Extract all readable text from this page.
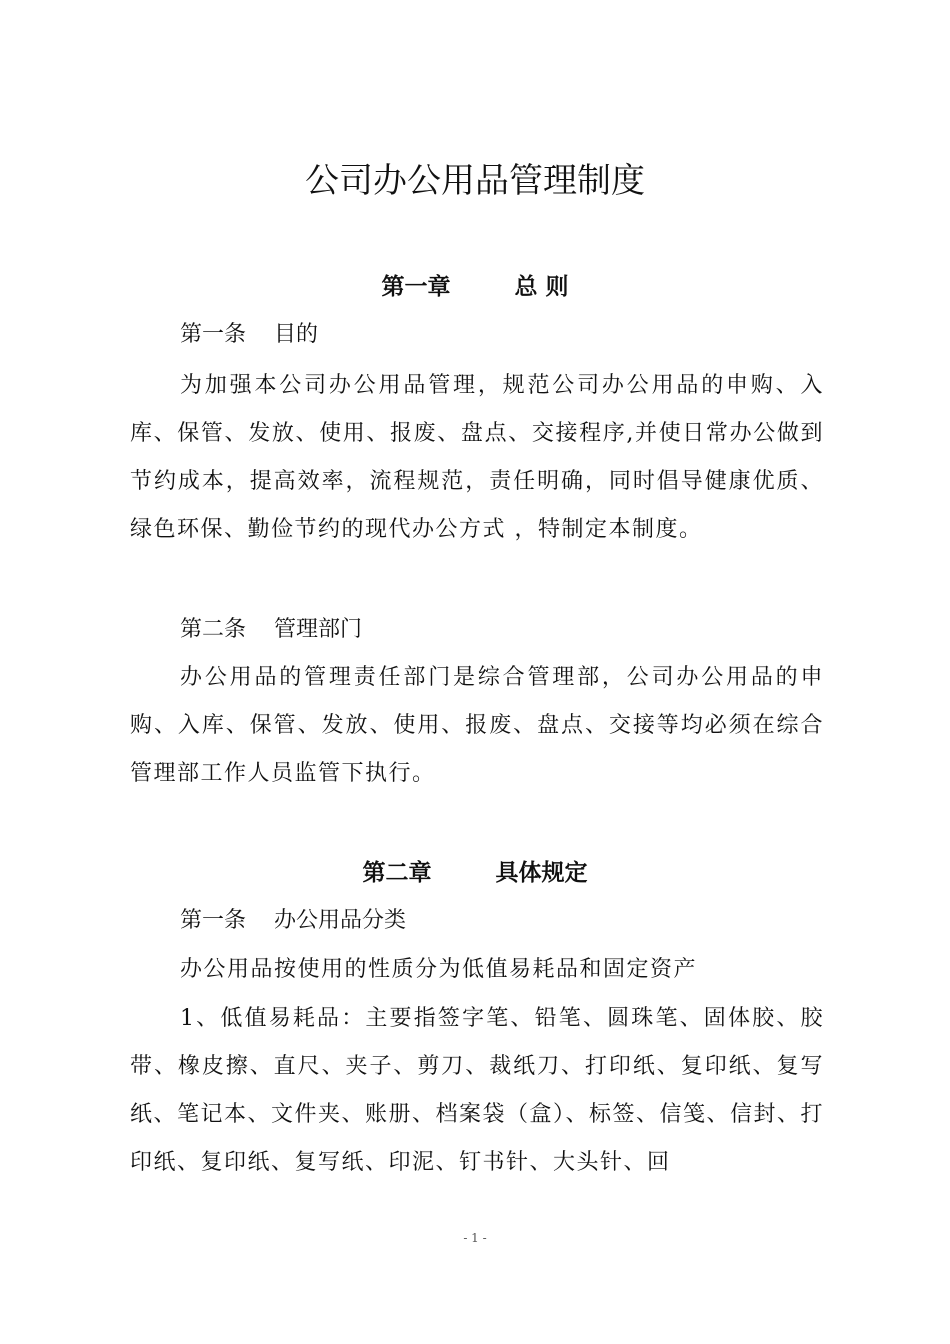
公司办公用品管理制度
第一章	总 则

第一条 目的

为加强本公司办公用品管理，规范公司办公用品的申购、入库、保管、发放、使用、报废、盘点、交接程序,并使日常办公做到节约成本，提高效率，流程规范，责任明确，同时倡导健康优质、绿色环保、勤俭节约的现代办公方式 ，特制定本制度。

第二条 管理部门

办公用品的管理责任部门是综合管理部，公司办公用品的申购、入库、保管、发放、使用、报废、盘点、交接等均必须在综合管理部工作人员监管下执行。

第二章	具体规定

第一条 办公用品分类

办公用品按使用的性质分为低值易耗品和固定资产

1、低值易耗品：主要指签字笔、铅笔、圆珠笔、固体胶、胶带、橡皮擦、直尺、夹子、剪刀、裁纸刀、打印纸、复印纸、复写纸、笔记本、文件夹、账册、档案袋（盒）、标签、信笺、信封、打印纸、复印纸、复写纸、印泥、钉书针、大头针、回

- 1 -
